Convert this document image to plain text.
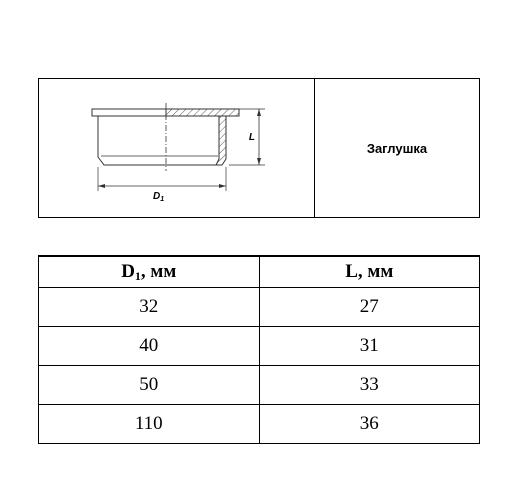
L
$D_1$
Заглушка
$D_1$, мм	L, мм
32	27
40	31
50	33
110	36
